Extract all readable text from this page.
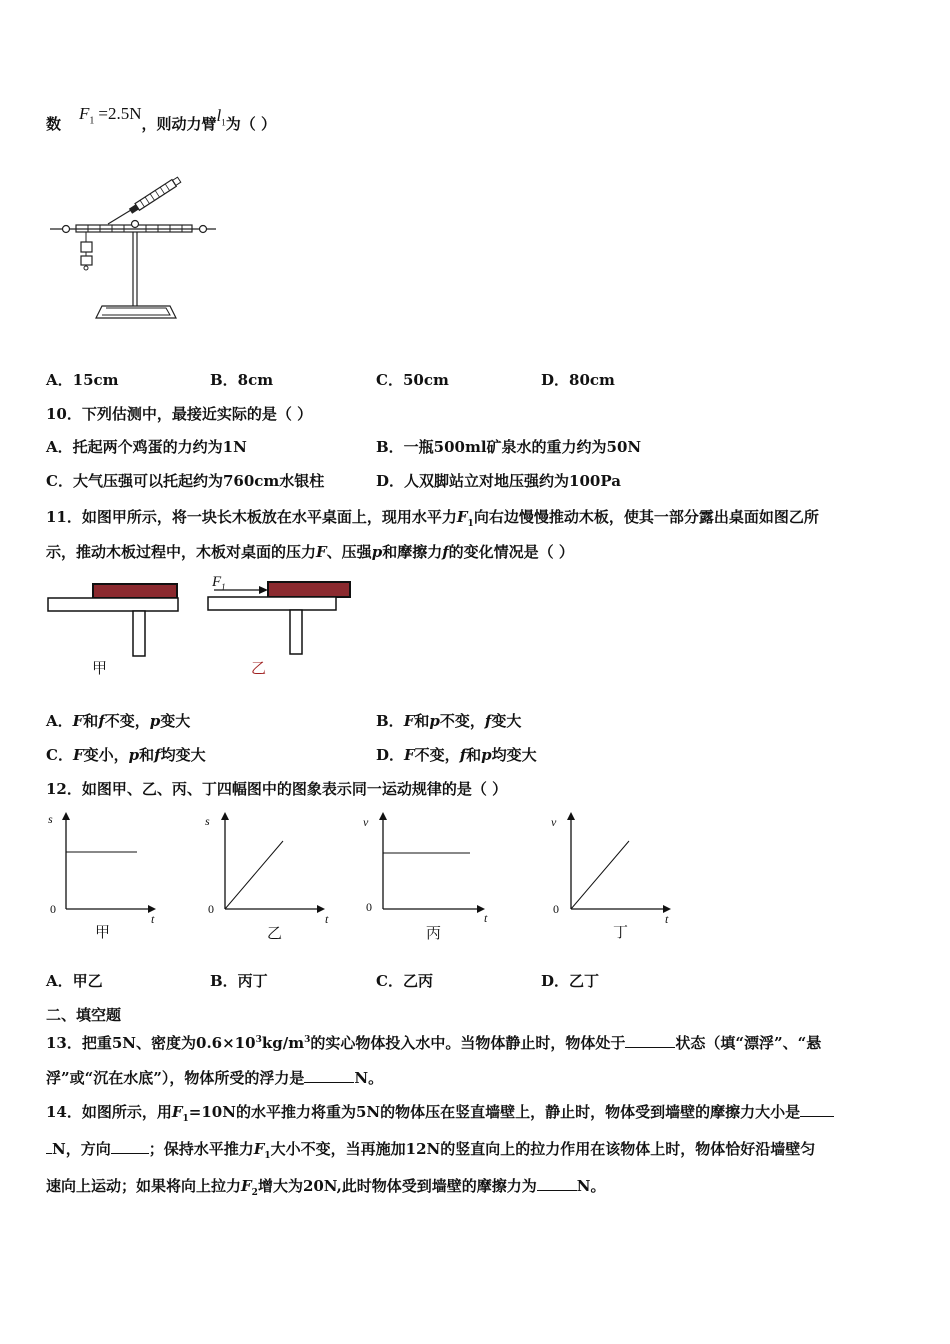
数$F_1 =2.5N$，则动力臂$l_1$为（ ）
A．15cm	B．8cm	C．50cm	D．80cm
10．下列估测中，最接近实际的是（ ）
A．托起两个鸡蛋的力约为1N	B．一瓶500ml矿泉水的重力约为50N
C．大气压强可以托起约为760cm水银柱	D．人双脚站立对地压强约为100Pa
11．如图甲所示，将一块长木板放在水平桌面上，现用水平力$F_1$向右边慢慢推动木板，使其一部分露出桌面如图乙所
示，推动木板过程中，木板对桌面的压力F、压强p和摩擦力f的变化情况是（ ）
甲
$F_1$
乙
A．F和f不变，p变大	B．F和p不变，f变大
C．F变小，p和f均变大	D．F不变，f和p均变大
12．如图甲、乙、丙、丁四幅图中的图象表示同一运动规律的是（ ）
s
t
0
甲
s
t
0
乙
v
t
0
丙
v
t
0
丁
A．甲乙	B．丙丁	C．乙丙	D．乙丁
二、填空题
13．把重5N、密度为$0.6\times 10^3kg/m^3$的实心物体投入水中。当物体静止时，物体处于	状态（填“漂浮”、“悬
浮”或“沉在水底”），物体所受的浮力是	N。
14．如图所示，用$F_1=10N$的水平推力将重为5N的物体压在竖直墙壁上，静止时，物体受到墙壁的摩擦力大小是
N，方向	；保持水平推力$F_1$大小不变，当再施加12N的竖直向上的拉力作用在该物体上时，物体恰好沿墙壁匀
速向上运动；如果将向上拉力$F_2$增大为20N,此时物体受到墙壁的摩擦力为	N。
